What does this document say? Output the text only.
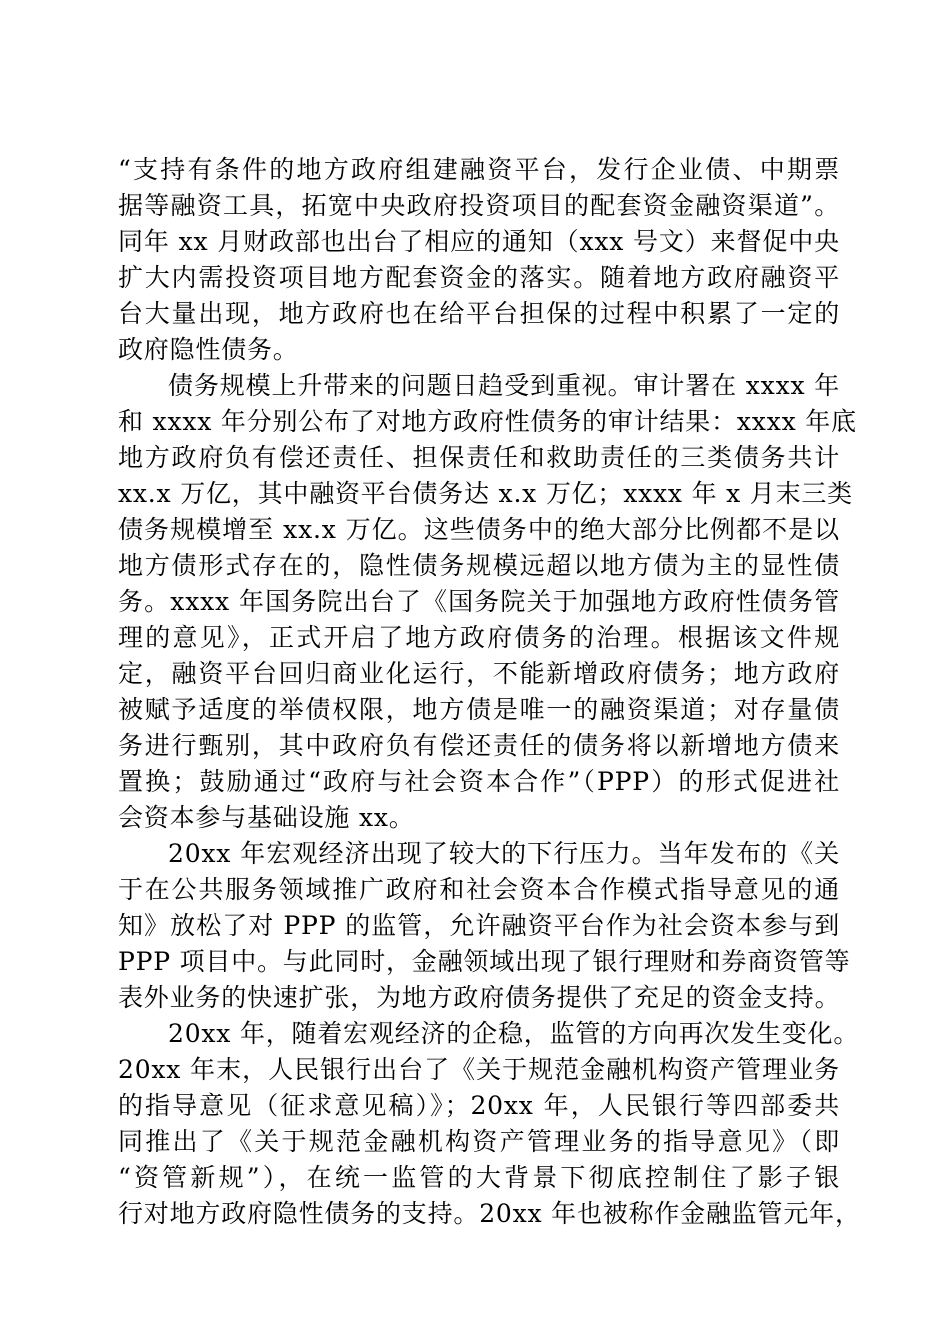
“支持有条件的地方政府组建融资平台，发行企业债、中期票
据等融资工具，拓宽中央政府投资项目的配套资金融资渠道”。
同年 xx 月财政部也出台了相应的通知（xxx 号文）来督促中央
扩大内需投资项目地方配套资金的落实。随着地方政府融资平
台大量出现，地方政府也在给平台担保的过程中积累了一定的
政府隐性债务。
债务规模上升带来的问题日趋受到重视。审计署在 xxxx 年
和 xxxx 年分别公布了对地方政府性债务的审计结果：xxxx 年底
地方政府负有偿还责任、担保责任和救助责任的三类债务共计
xx.x 万亿，其中融资平台债务达 x.x 万亿；xxxx 年 x 月末三类
债务规模增至 xx.x 万亿。这些债务中的绝大部分比例都不是以
地方债形式存在的，隐性债务规模远超以地方债为主的显性债
务。xxxx 年国务院出台了《国务院关于加强地方政府性债务管
理的意见》，正式开启了地方政府债务的治理。根据该文件规
定，融资平台回归商业化运行，不能新增政府债务；地方政府
被赋予适度的举债权限，地方债是唯一的融资渠道；对存量债
务进行甄别，其中政府负有偿还责任的债务将以新增地方债来
置换；鼓励通过“政府与社会资本合作”（PPP）的形式促进社
会资本参与基础设施 xx。
20xx 年宏观经济出现了较大的下行压力。当年发布的《关
于在公共服务领域推广政府和社会资本合作模式指导意见的通
知》放松了对 PPP 的监管，允许融资平台作为社会资本参与到
PPP 项目中。与此同时，金融领域出现了银行理财和券商资管等
表外业务的快速扩张，为地方政府债务提供了充足的资金支持。
20xx 年，随着宏观经济的企稳，监管的方向再次发生变化。
20xx 年末，人民银行出台了《关于规范金融机构资产管理业务
的指导意见（征求意见稿）》；20xx 年，人民银行等四部委共
同推出了《关于规范金融机构资产管理业务的指导意见》（即
“资管新规”），在统一监管的大背景下彻底控制住了影子银
行对地方政府隐性债务的支持。20xx 年也被称作金融监管元年，
